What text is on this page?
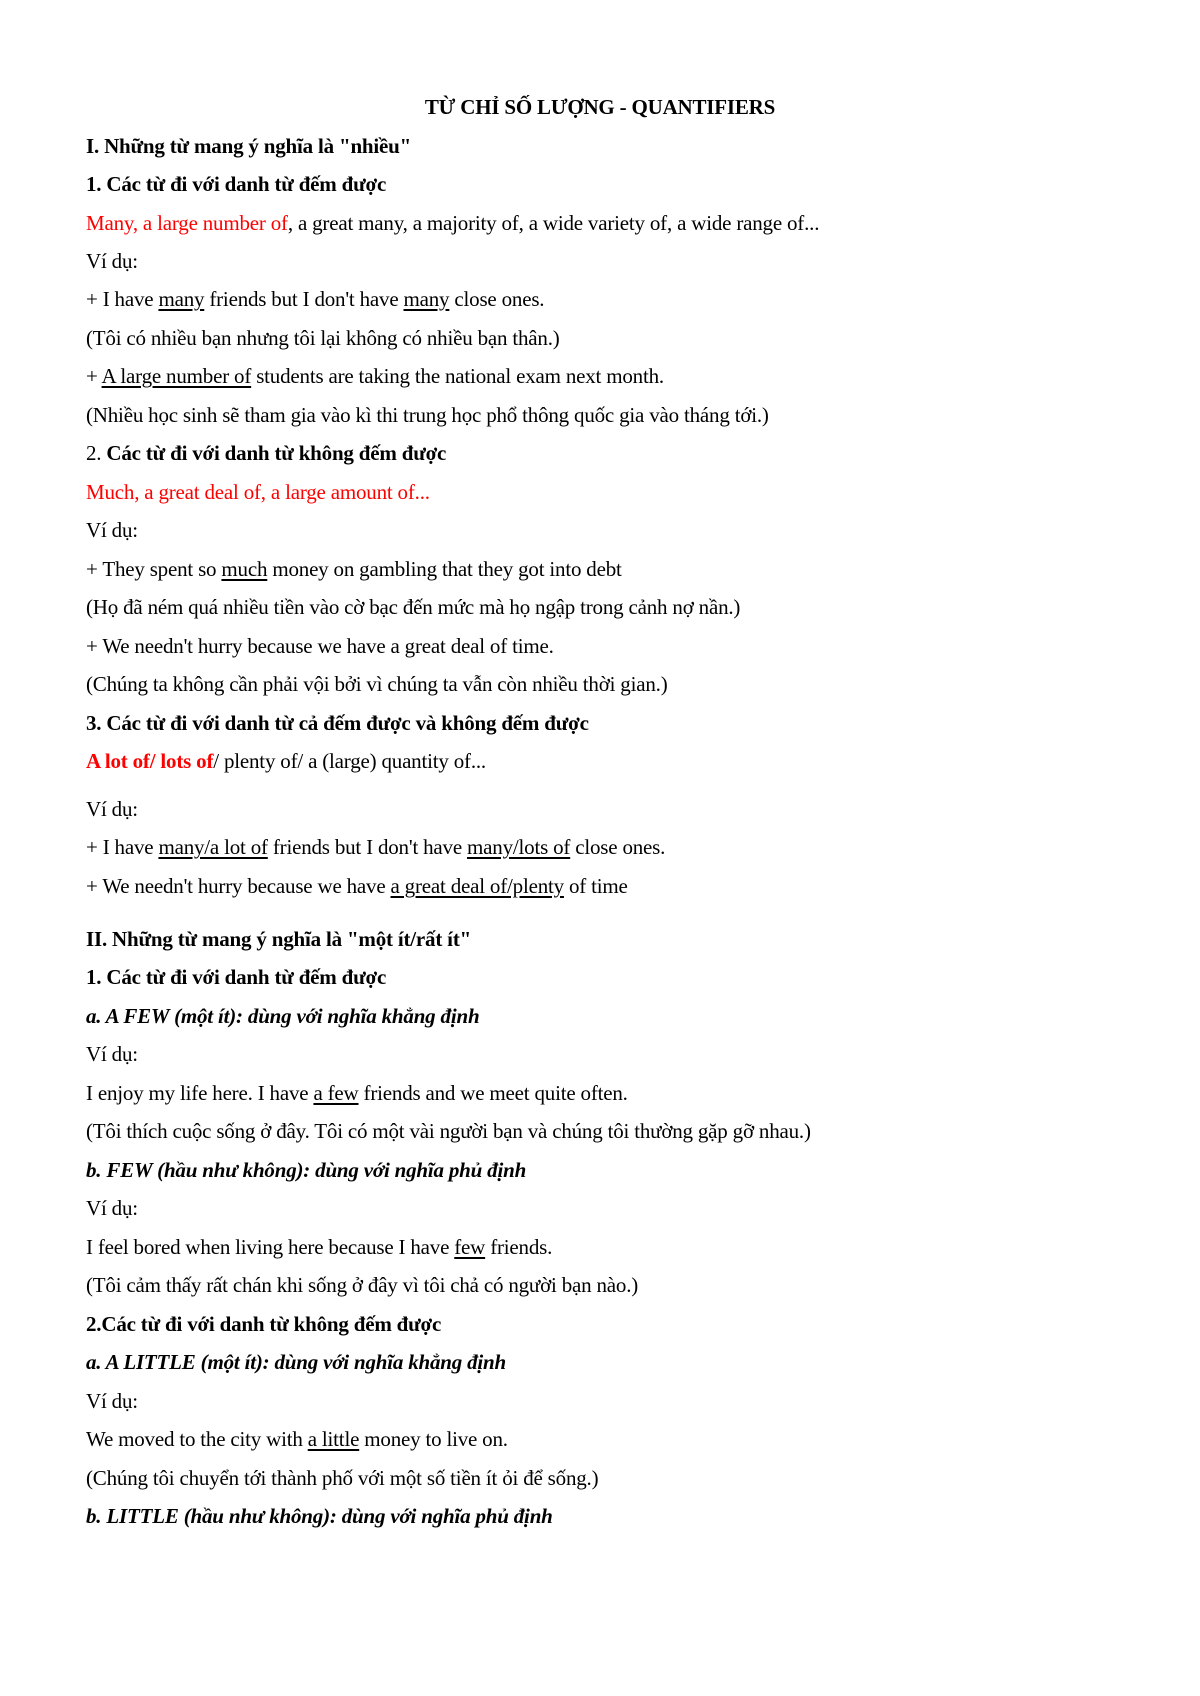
TỪ CHỈ SỐ LƯỢNG - QUANTIFIERS
I. Những từ mang ý nghĩa là "nhiều"
1. Các từ đi với danh từ đếm được
Many, a large number of, a great many, a majority of, a wide variety of, a wide range of...
Ví dụ:
+ I have many friends but I don't have many close ones.
(Tôi có nhiều bạn nhưng tôi lại không có nhiều bạn thân.)
+ A large number of students are taking the national exam next month.
(Nhiều học sinh sẽ tham gia vào kì thi trung học phổ thông quốc gia vào tháng tới.)
2. Các từ đi với danh từ không đếm được
Much, a great deal of, a large amount of...
Ví dụ:
+ They spent so much money on gambling that they got into debt
(Họ đã ném quá nhiều tiền vào cờ bạc đến mức mà họ ngập trong cảnh nợ nần.)
+ We needn't hurry because we have a great deal of time.
(Chúng ta không cần phải vội bởi vì chúng ta vẫn còn nhiều thời gian.)
3. Các từ đi với danh từ cả đếm được và không đếm được
A lot of/ lots of/ plenty of/ a (large) quantity of...
Ví dụ:
+ I have many/a lot of friends but I don't have many/lots of close ones.
+ We needn't hurry because we have a great deal of/plenty of time
II. Những từ mang ý nghĩa là "một ít/rất ít"
1. Các từ đi với danh từ đếm được
a. A FEW (một ít): dùng với nghĩa khẳng định
Ví dụ:
I enjoy my life here. I have a few friends and we meet quite often.
(Tôi thích cuộc sống ở đây. Tôi có một vài người bạn và chúng tôi thường gặp gỡ nhau.)
b. FEW (hầu như không): dùng với nghĩa phủ định
Ví dụ:
I feel bored when living here because I have few friends.
(Tôi cảm thấy rất chán khi sống ở đây vì tôi chả có người bạn nào.)
2.Các từ đi với danh từ không đếm được
a. A LITTLE (một ít): dùng với nghĩa khẳng định
Ví dụ:
We moved to the city with a little money to live on.
(Chúng tôi chuyển tới thành phố với một số tiền ít ỏi để sống.)
b. LITTLE (hầu như không): dùng với nghĩa phủ định
